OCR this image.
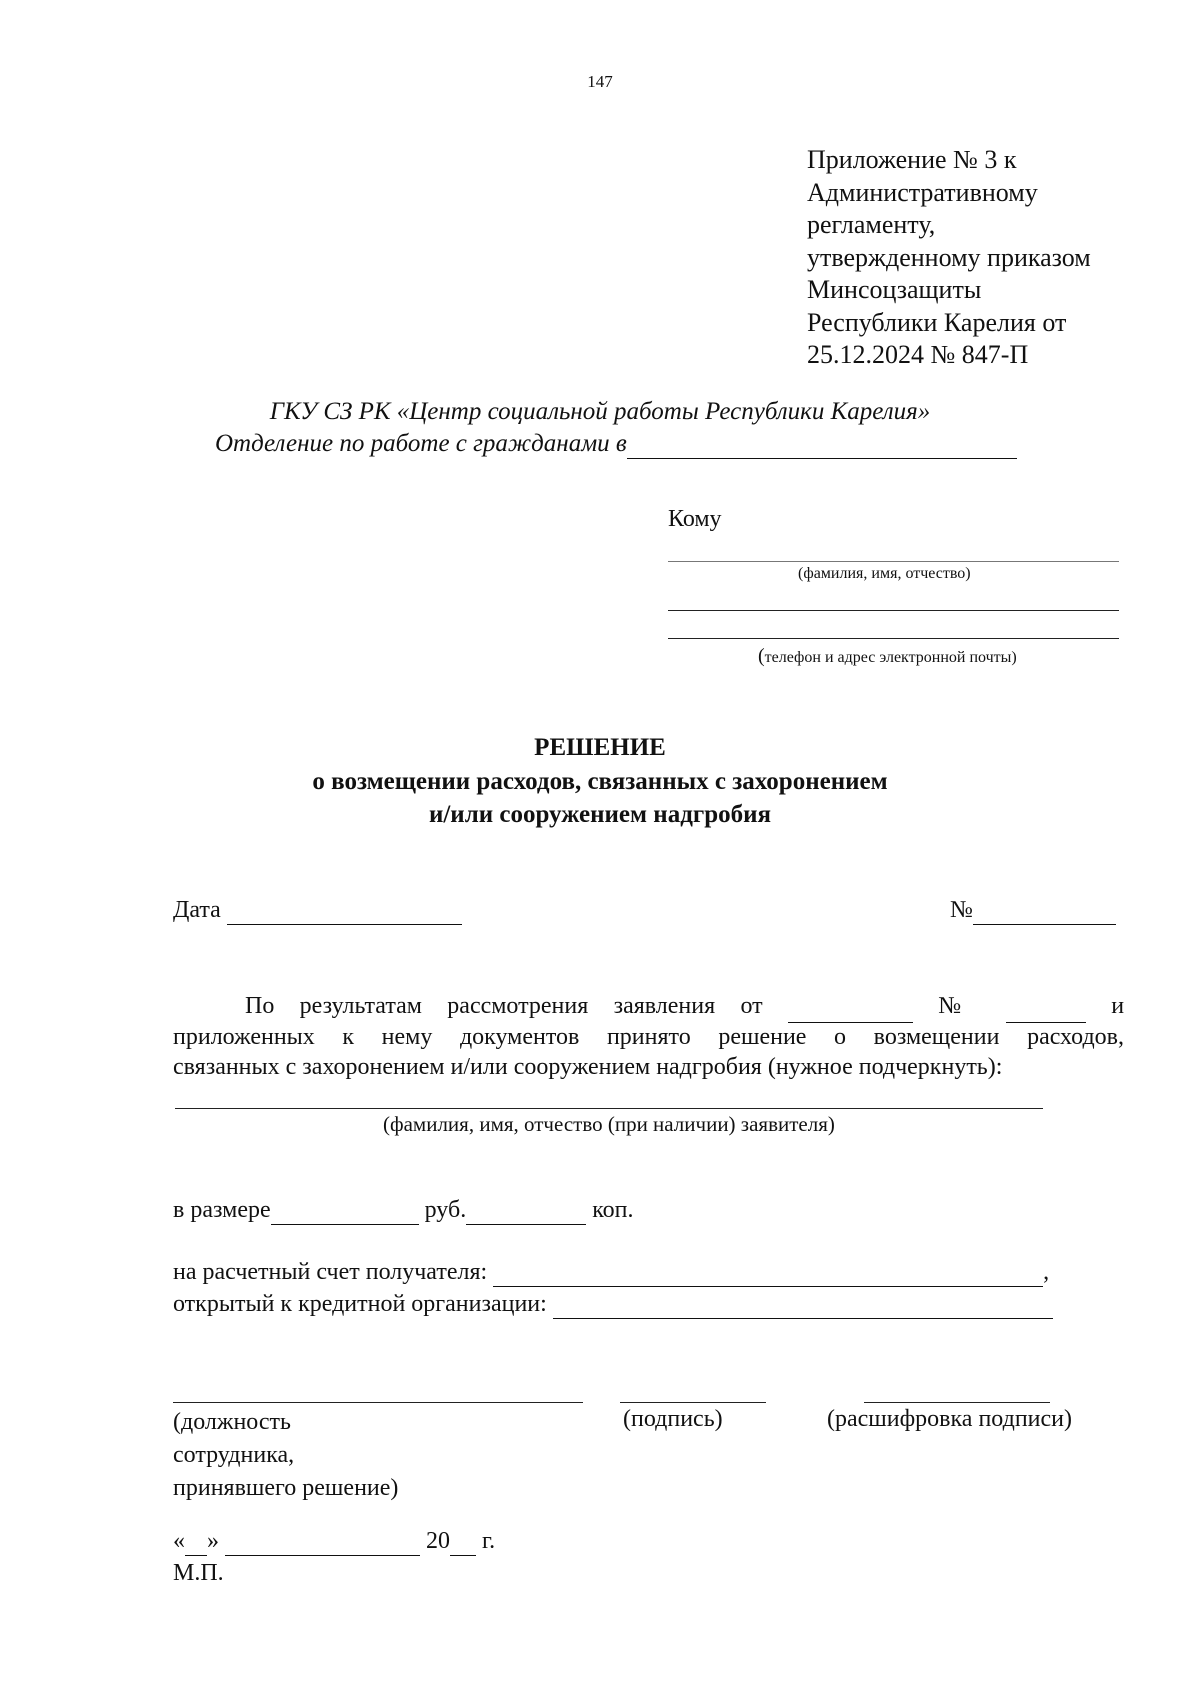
147
Приложение № 3 к
Административному
регламенту,
утвержденному приказом
Минсоцзащиты
Республики Карелия от
25.12.2024 № 847-П
ГКУ СЗ РК «Центр социальной работы Республики Карелия»
Отделение по работе с гражданами в
Кому
(фамилия, имя, отчество)
(телефон и адрес электронной почты)
РЕШЕНИЕ
о возмещении расходов, связанных с захоронением
и/или сооружением надгробия
Дата	№
По результатам рассмотрения заявления от	№	и
приложенных к нему документов принято решение о возмещении расходов,
связанных с захоронением и/или сооружением надгробия (нужное подчеркнуть):
(фамилия, имя, отчество (при наличии) заявителя)
в размере	руб.	коп.
на расчетный счет получателя:	,
открытый к кредитной организации:
(должность
сотрудника,
принявшего решение)
(подпись)	(расшифровка подписи)
« »	20 г.
М.П.
